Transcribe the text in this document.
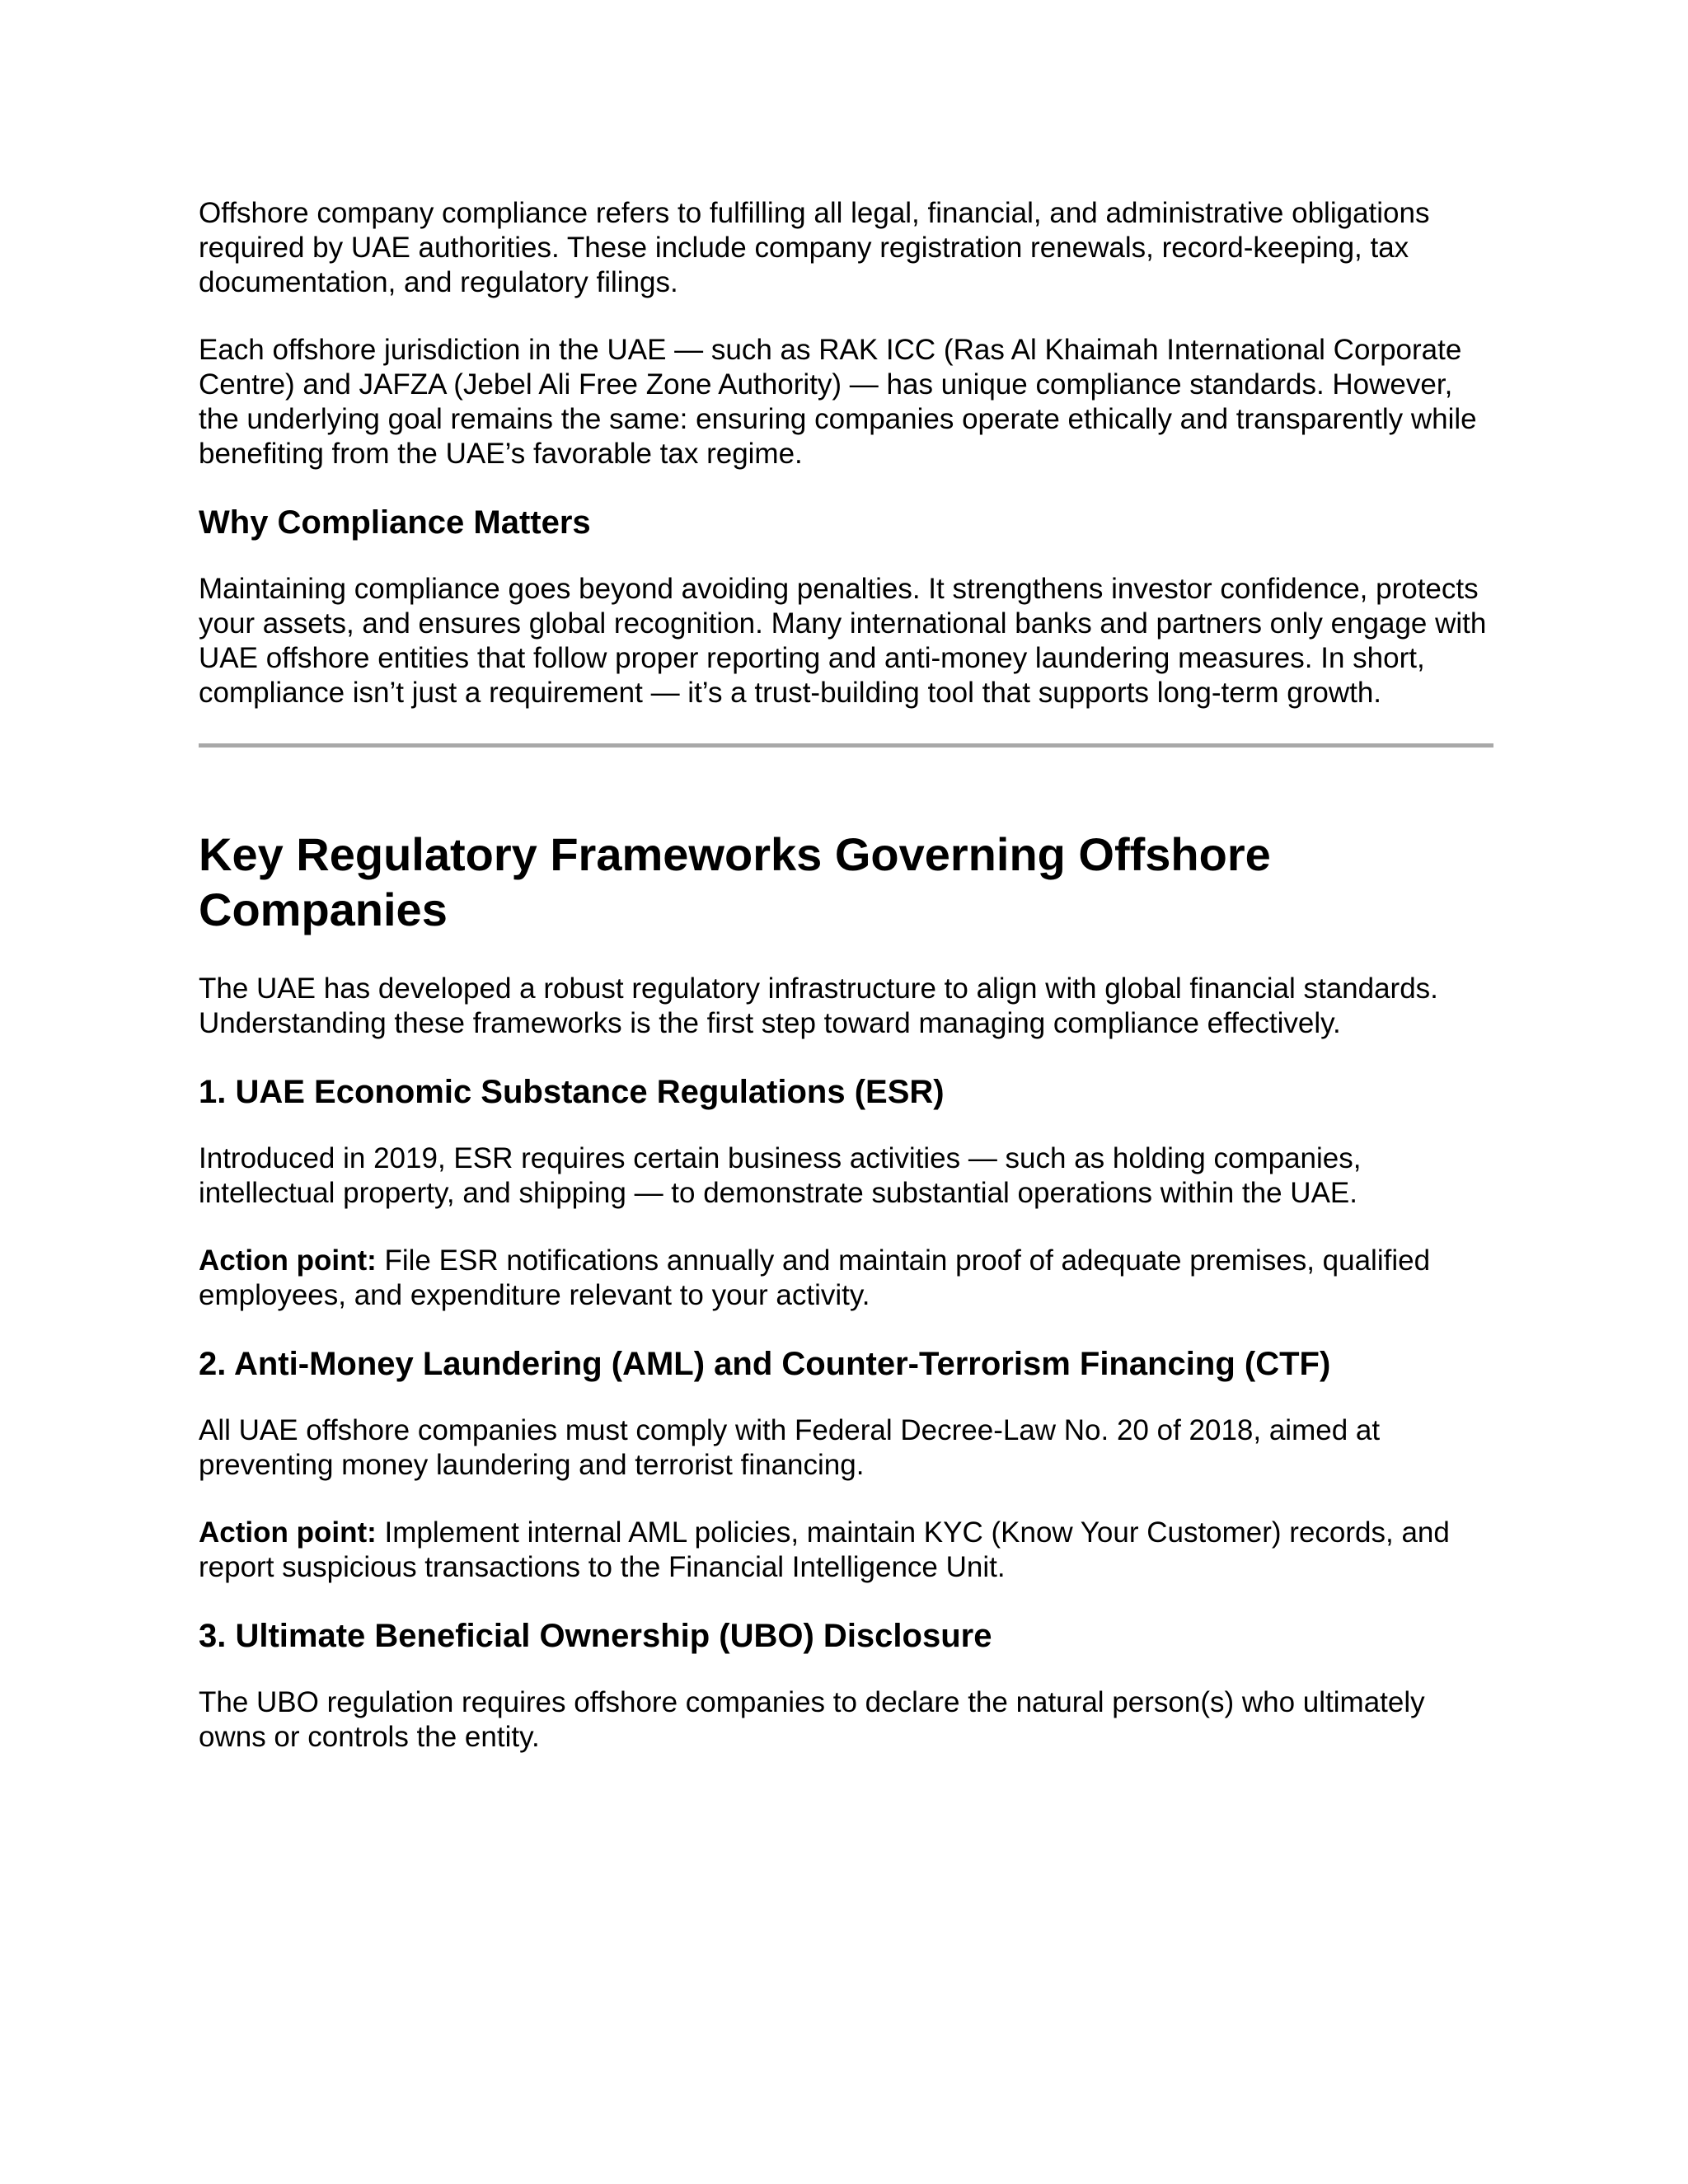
Offshore company compliance refers to fulfilling all legal, financial, and administrative obligations required by UAE authorities. These include company registration renewals, record-keeping, tax documentation, and regulatory filings.

Each offshore jurisdiction in the UAE — such as RAK ICC (Ras Al Khaimah International Corporate Centre) and JAFZA (Jebel Ali Free Zone Authority) — has unique compliance standards. However, the underlying goal remains the same: ensuring companies operate ethically and transparently while benefiting from the UAE’s favorable tax regime.

Why Compliance Matters

Maintaining compliance goes beyond avoiding penalties. It strengthens investor confidence, protects your assets, and ensures global recognition. Many international banks and partners only engage with UAE offshore entities that follow proper reporting and anti-money laundering measures. In short, compliance isn’t just a requirement — it’s a trust-building tool that supports long-term growth.

Key Regulatory Frameworks Governing Offshore Companies

The UAE has developed a robust regulatory infrastructure to align with global financial standards. Understanding these frameworks is the first step toward managing compliance effectively.

1. UAE Economic Substance Regulations (ESR)

Introduced in 2019, ESR requires certain business activities — such as holding companies, intellectual property, and shipping — to demonstrate substantial operations within the UAE.

Action point: File ESR notifications annually and maintain proof of adequate premises, qualified employees, and expenditure relevant to your activity.

2. Anti-Money Laundering (AML) and Counter-Terrorism Financing (CTF)

All UAE offshore companies must comply with Federal Decree-Law No. 20 of 2018, aimed at preventing money laundering and terrorist financing.

Action point: Implement internal AML policies, maintain KYC (Know Your Customer) records, and report suspicious transactions to the Financial Intelligence Unit.

3. Ultimate Beneficial Ownership (UBO) Disclosure

The UBO regulation requires offshore companies to declare the natural person(s) who ultimately owns or controls the entity.
